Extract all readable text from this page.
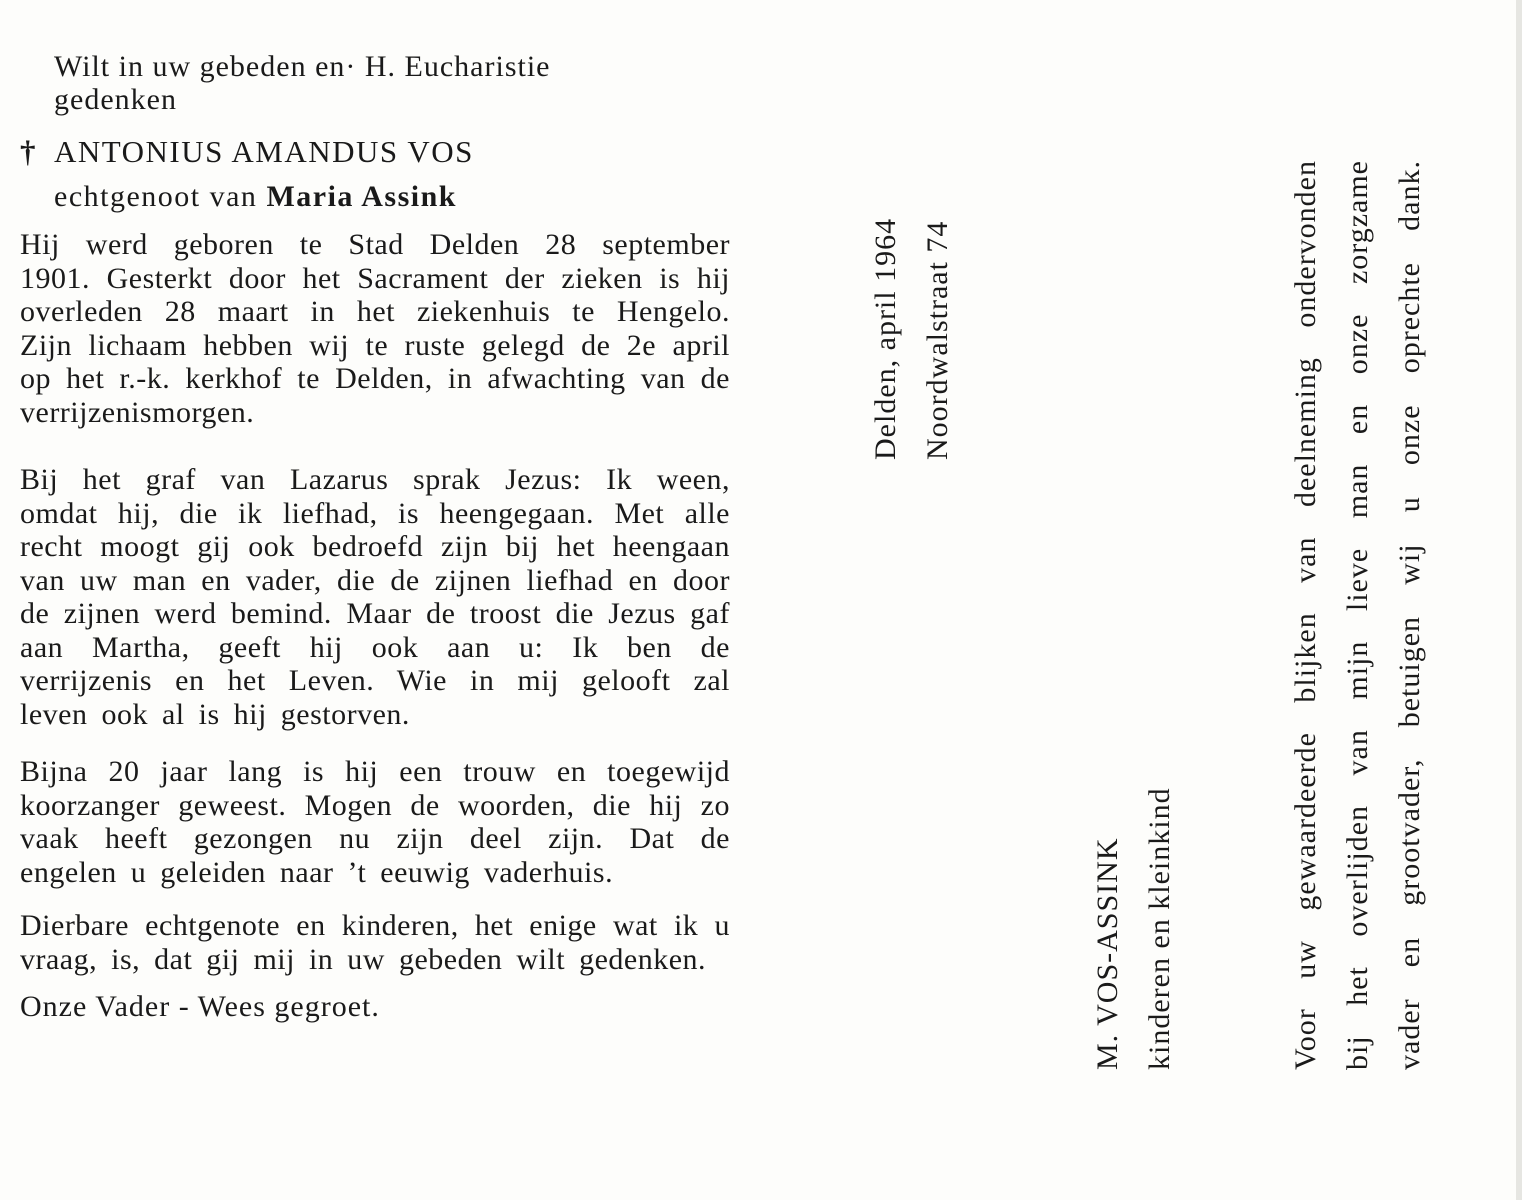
Wilt in uw gebeden en· H. Eucharistie
gedenken
† ANTONIUS AMANDUS VOS
echtgenoot van Maria Assink
Hij werd geboren te Stad Delden 28 september 1901. Gesterkt door het Sacrament der zieken is hij overleden 28 maart in het ziekenhuis te Hengelo. Zijn lichaam hebben wij te ruste gelegd de 2e april op het r.-k. kerkhof te Delden, in afwachting van de verrijzenismorgen.
Bij het graf van Lazarus sprak Jezus: Ik ween, omdat hij, die ik liefhad, is heengegaan. Met alle recht moogt gij ook bedroefd zijn bij het heengaan van uw man en vader, die de zijnen liefhad en door de zijnen werd bemind. Maar de troost die Jezus gaf aan Martha, geeft hij ook aan u: Ik ben de verrijzenis en het Leven. Wie in mij gelooft zal leven ook al is hij gestorven.
Bijna 20 jaar lang is hij een trouw en toegewijd koorzanger geweest. Mogen de woorden, die hij zo vaak heeft gezongen nu zijn deel zijn. Dat de engelen u geleiden naar ’t eeuwig vaderhuis.
Dierbare echtgenote en kinderen, het enige wat ik u vraag, is, dat gij mij in uw gebeden wilt gedenken.
Onze Vader - Wees gegroet.
Delden, april 1964 Noordwalstraat 74	Voor uw gewaardeerde blijken van deelneming ondervonden bij het overlijden van mijn lieve man en onze zorgzame vader en grootvader, betuigen wij u onze oprechte dank.
M. VOS-ASSINK kinderen en kleinkind
